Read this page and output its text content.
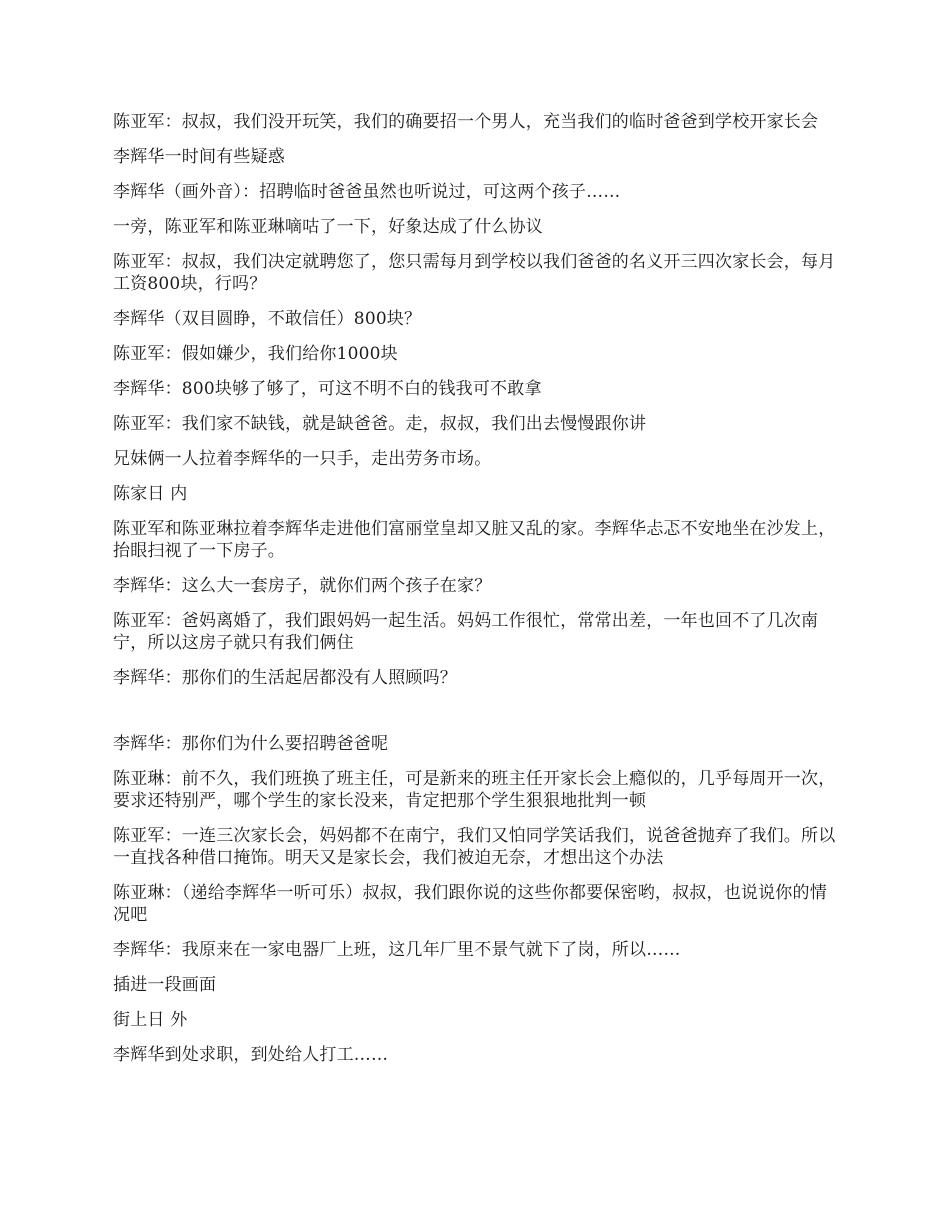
陈亚军：叔叔，我们没开玩笑，我们的确要招一个男人，充当我们的临时爸爸到学校开家长会

李辉华一时间有些疑惑

李辉华（画外音）：招聘临时爸爸虽然也听说过，可这两个孩子……

一旁，陈亚军和陈亚琳嘀咕了一下，好象达成了什么协议

陈亚军：叔叔，我们决定就聘您了，您只需每月到学校以我们爸爸的名义开三四次家长会，每月工资800块，行吗？

李辉华（双目圆睁，不敢信任）800块？

陈亚军：假如嫌少，我们给你1000块

李辉华：800块够了够了，可这不明不白的钱我可不敢拿

陈亚军：我们家不缺钱，就是缺爸爸。走，叔叔，我们出去慢慢跟你讲

兄妹俩一人拉着李辉华的一只手，走出劳务市场。

陈家日 内

陈亚军和陈亚琳拉着李辉华走进他们富丽堂皇却又脏又乱的家。李辉华忐忑不安地坐在沙发上，抬眼扫视了一下房子。

李辉华：这么大一套房子，就你们两个孩子在家？

陈亚军：爸妈离婚了，我们跟妈妈一起生活。妈妈工作很忙，常常出差，一年也回不了几次南宁，所以这房子就只有我们俩住

李辉华：那你们的生活起居都没有人照顾吗？

李辉华：那你们为什么要招聘爸爸呢

陈亚琳：前不久，我们班换了班主任，可是新来的班主任开家长会上瘾似的，几乎每周开一次，要求还特别严，哪个学生的家长没来，肯定把那个学生狠狠地批判一顿

陈亚军：一连三次家长会，妈妈都不在南宁，我们又怕同学笑话我们，说爸爸抛弃了我们。所以一直找各种借口掩饰。明天又是家长会，我们被迫无奈，才想出这个办法

陈亚琳：（递给李辉华一听可乐）叔叔，我们跟你说的这些你都要保密哟，叔叔，也说说你的情况吧

李辉华：我原来在一家电器厂上班，这几年厂里不景气就下了岗，所以……

插进一段画面

街上日 外

李辉华到处求职，到处给人打工……
